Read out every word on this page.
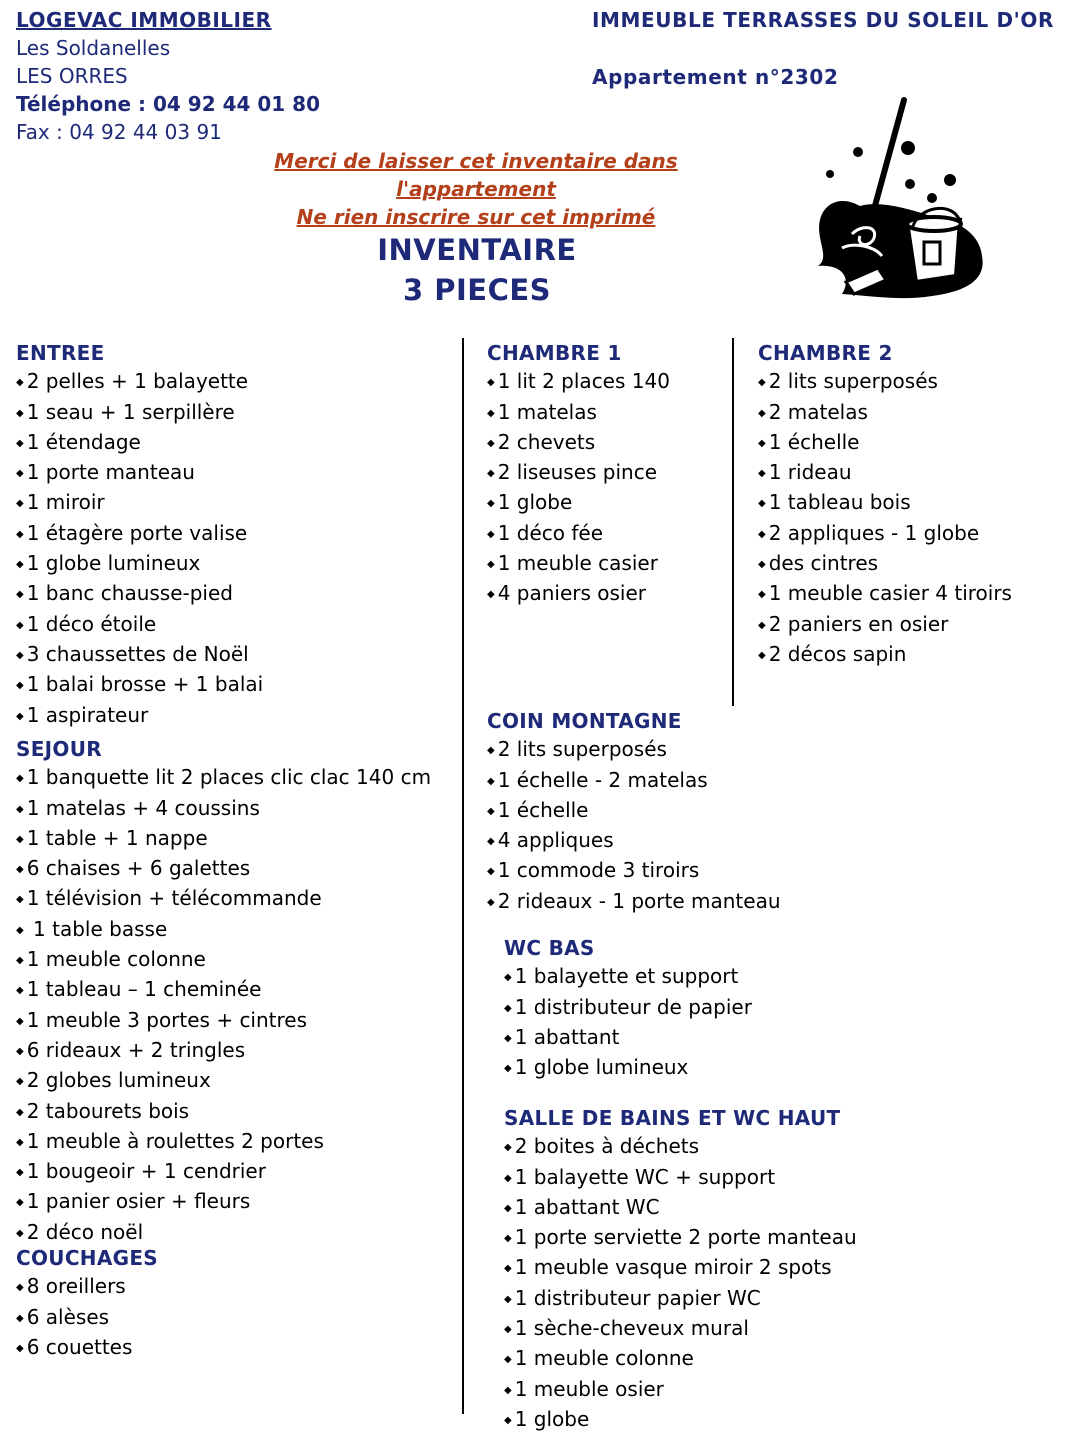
LOGEVAC IMMOBILIER
Les Soldanelles
LES ORRES
Téléphone : 04 92 44 01 80
Fax : 04 92 44 03 91
IMMEUBLE TERRASSES DU SOLEIL D'OR
Appartement n°2302
Merci de laisser cet inventaire dans l'appartement
Ne rien inscrire sur cet imprimé
INVENTAIRE
3 PIECES
ENTREE
◆ 2 pelles + 1 balayette
◆ 1 seau + 1 serpillère
◆ 1 étendage
◆ 1 porte manteau
◆ 1 miroir
◆ 1 étagère porte valise
◆ 1 globe lumineux
◆ 1 banc chausse-pied
◆ 1 déco étoile
◆ 3 chaussettes de Noël
◆ 1 balai brosse + 1 balai
◆ 1 aspirateur
SEJOUR
◆ 1 banquette lit 2 places clic clac 140 cm
◆ 1 matelas + 4 coussins
◆ 1 table + 1 nappe
◆ 6 chaises + 6 galettes
◆ 1 télévision + télécommande
◆ 1 table basse
◆ 1 meuble colonne
◆ 1 tableau – 1 cheminée
◆ 1 meuble 3 portes + cintres
◆ 6 rideaux + 2 tringles
◆ 2 globes lumineux
◆ 2 tabourets bois
◆ 1 meuble à roulettes 2 portes
◆ 1 bougeoir + 1 cendrier
◆ 1 panier osier + fleurs
◆ 2 déco noël
COUCHAGES
◆ 8 oreillers
◆ 6 alèses
◆ 6 couettes
CHAMBRE 1
◆ 1 lit 2 places 140
◆ 1 matelas
◆ 2 chevets
◆ 2 liseuses pince
◆ 1 globe
◆ 1 déco fée
◆ 1 meuble casier
◆ 4 paniers osier
COIN MONTAGNE
◆ 2 lits superposés
◆ 1 échelle - 2 matelas
◆ 1 échelle
◆ 4 appliques
◆ 1 commode 3 tiroirs
◆ 2 rideaux - 1 porte manteau
WC BAS
◆ 1 balayette et support
◆ 1 distributeur de papier
◆ 1 abattant
◆ 1 globe lumineux
SALLE DE BAINS ET WC HAUT
◆ 2 boites à déchets
◆ 1 balayette WC + support
◆ 1 abattant WC
◆ 1 porte serviette 2 porte manteau
◆ 1 meuble vasque miroir 2 spots
◆ 1 distributeur papier WC
◆ 1 sèche-cheveux mural
◆ 1 meuble colonne
◆ 1 meuble osier
◆ 1 globe
CHAMBRE 2
◆ 2 lits superposés
◆ 2 matelas
◆ 1 échelle
◆ 1 rideau
◆ 1 tableau bois
◆ 2 appliques - 1 globe
◆ des cintres
◆ 1 meuble casier 4 tiroirs
◆ 2 paniers en osier
◆ 2 décos sapin
